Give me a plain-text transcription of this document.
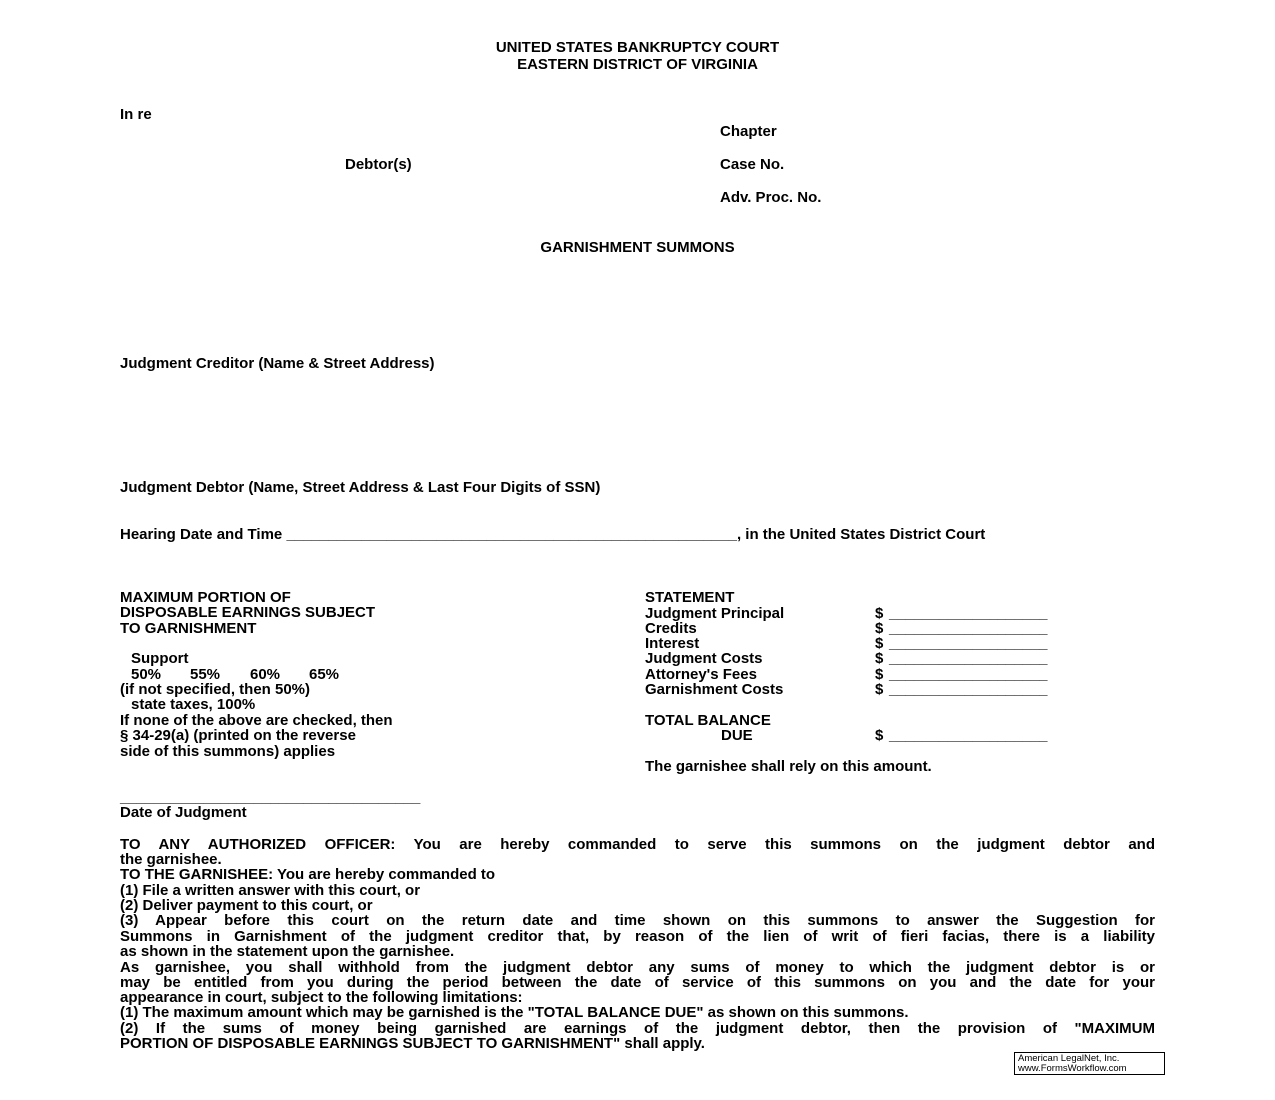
UNITED STATES BANKRUPTCY COURT
EASTERN DISTRICT OF VIRGINIA
In re
Chapter
Debtor(s)	Case No.
Adv. Proc. No.
GARNISHMENT SUMMONS
Judgment Creditor (Name & Street Address)
Judgment Debtor (Name, Street Address & Last Four Digits of SSN)
Hearing Date and Time ______________________________________________________, in the United States District Court
MAXIMUM PORTION OF
DISPOSABLE EARNINGS SUBJECT
TO GARNISHMENT
Support
50% 55% 60% 65%
(if not specified, then 50%)
state taxes, 100%
If none of the above are checked, then
§ 34-29(a) (printed on the reverse
side of this summons) applies
STATEMENT
Judgment Principal	$ ___________________
Credits	$ ___________________
Interest	$ ___________________
Judgment Costs	$ ___________________
Attorney's Fees	$ ___________________
Garnishment Costs	$ ___________________
TOTAL BALANCE
DUE	$ ___________________
The garnishee shall rely on this amount.
____________________________________
Date of Judgment
TO ANY AUTHORIZED OFFICER: You are hereby commanded to serve this summons on the judgment debtor and
the garnishee.
TO THE GARNISHEE: You are hereby commanded to
(1) File a written answer with this court, or
(2) Deliver payment to this court, or
(3) Appear before this court on the return date and time shown on this summons to answer the Suggestion for
Summons in Garnishment of the judgment creditor that, by reason of the lien of writ of fieri facias, there is a liability
as shown in the statement upon the garnishee.
As garnishee, you shall withhold from the judgment debtor any sums of money to which the judgment debtor is or
may be entitled from you during the period between the date of service of this summons on you and the date for your
appearance in court, subject to the following limitations:
(1) The maximum amount which may be garnished is the "TOTAL BALANCE DUE" as shown on this summons.
(2) If the sums of money being garnished are earnings of the judgment debtor, then the provision of "MAXIMUM
PORTION OF DISPOSABLE EARNINGS SUBJECT TO GARNISHMENT" shall apply.
American LegalNet, Inc.
www.FormsWorkflow.com
